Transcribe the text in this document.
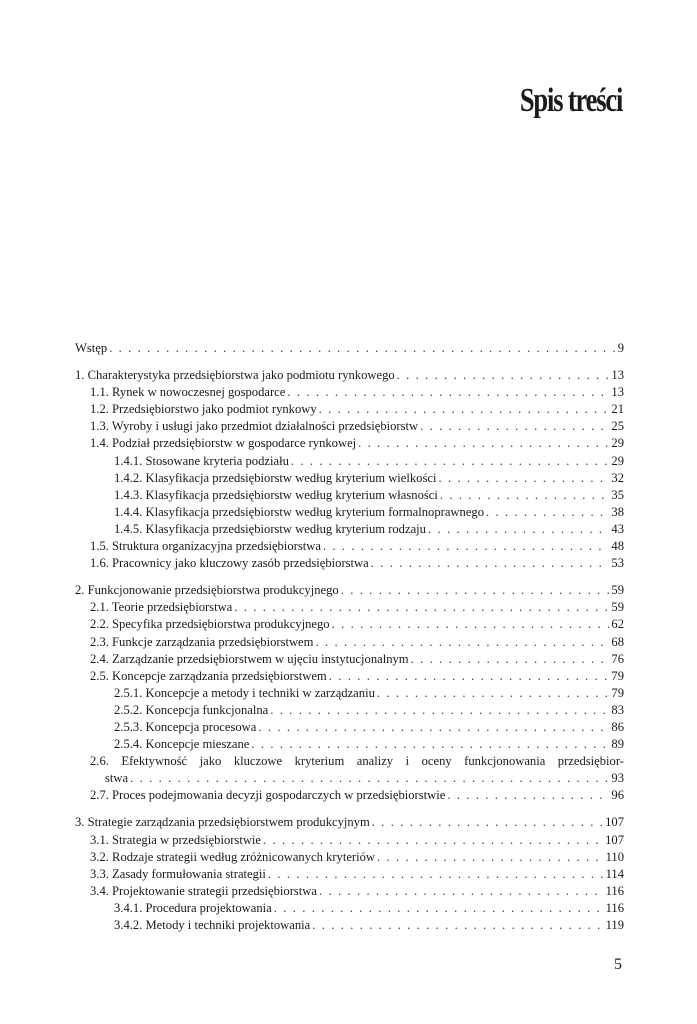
Spis treści
Wstęp . . .	9
1. Charakterystyka przedsiębiorstwa jako podmiotu rynkowego . . .	13
1.1. Rynek w nowoczesnej gospodarce . . .	13
1.2. Przedsiębiorstwo jako podmiot rynkowy . . .	21
1.3. Wyroby i usługi jako przedmiot działalności przedsiębiorstw . . .	25
1.4. Podział przedsiębiorstw w gospodarce rynkowej . . .	29
1.4.1. Stosowane kryteria podziału . . .	29
1.4.2. Klasyfikacja przedsiębiorstw według kryterium wielkości . . .	32
1.4.3. Klasyfikacja przedsiębiorstw według kryterium własności . . .	35
1.4.4. Klasyfikacja przedsiębiorstw według kryterium formalnoprawnego . . .	38
1.4.5. Klasyfikacja przedsiębiorstw według kryterium rodzaju . . .	43
1.5. Struktura organizacyjna przedsiębiorstwa . . .	48
1.6. Pracownicy jako kluczowy zasób przedsiębiorstwa . . .	53
2. Funkcjonowanie przedsiębiorstwa produkcyjnego . . .	59
2.1. Teorie przedsiębiorstwa . . .	59
2.2. Specyfika przedsiębiorstwa produkcyjnego . . .	62
2.3. Funkcje zarządzania przedsiębiorstwem . . .	68
2.4. Zarządzanie przedsiębiorstwem w ujęciu instytucjonalnym . . .	76
2.5. Koncepcje zarządzania przedsiębiorstwem . . .	79
2.5.1. Koncepcje a metody i techniki w zarządzaniu . . .	79
2.5.2. Koncepcja funkcjonalna . . .	83
2.5.3. Koncepcja procesowa . . .	86
2.5.4. Koncepcje mieszane . . .	89
2.6. Efektywność jako kluczowe kryterium analizy i oceny funkcjonowania przedsiębior-
stwa . . .	93
2.7. Proces podejmowania decyzji gospodarczych w przedsiębiorstwie . . .	96
3. Strategie zarządzania przedsiębiorstwem produkcyjnym . . .	107
3.1. Strategia w przedsiębiorstwie . . .	107
3.2. Rodzaje strategii według zróżnicowanych kryteriów . . .	110
3.3. Zasady formułowania strategii . . .	114
3.4. Projektowanie strategii przedsiębiorstwa . . .	116
3.4.1. Procedura projektowania . . .	116
3.4.2. Metody i techniki projektowania . . .	119
5
